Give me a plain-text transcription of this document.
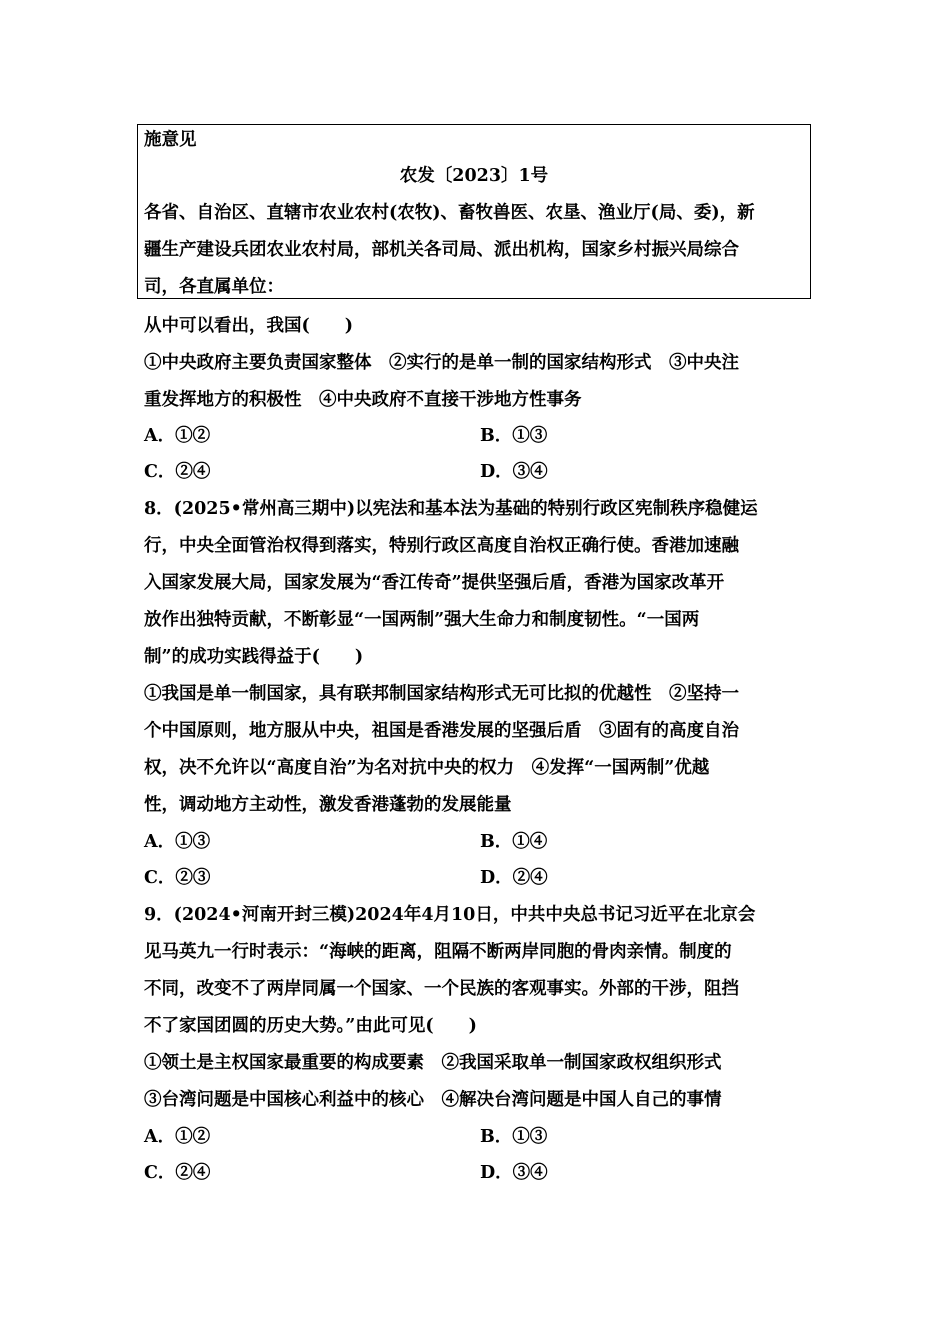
施意见
农发〔2023〕1号
各省、自治区、直辖市农业农村(农牧)、畜牧兽医、农垦、渔业厅(局、委)，新
疆生产建设兵团农业农村局，部机关各司局、派出机构，国家乡村振兴局综合
司，各直属单位：
从中可以看出，我国(　　)
①中央政府主要负责国家整体　②实行的是单一制的国家结构形式　③中央注
重发挥地方的积极性　④中央政府不直接干涉地方性事务
A．①②	B．①③
C．②④	D．③④
8．(2025•常州高三期中)以宪法和基本法为基础的特别行政区宪制秩序稳健运
行，中央全面管治权得到落实，特别行政区高度自治权正确行使。香港加速融
入国家发展大局，国家发展为“香江传奇”提供坚强后盾，香港为国家改革开
放作出独特贡献，不断彰显“一国两制”强大生命力和制度韧性。“一国两
制”的成功实践得益于(　　)
①我国是单一制国家，具有联邦制国家结构形式无可比拟的优越性　②坚持一
个中国原则，地方服从中央，祖国是香港发展的坚强后盾　③固有的高度自治
权，决不允许以“高度自治”为名对抗中央的权力　④发挥“一国两制”优越
性，调动地方主动性，激发香港蓬勃的发展能量
A．①③	B．①④
C．②③	D．②④
9．(2024•河南开封三模)2024年4月10日，中共中央总书记习近平在北京会
见马英九一行时表示：“海峡的距离，阻隔不断两岸同胞的骨肉亲情。制度的
不同，改变不了两岸同属一个国家、一个民族的客观事实。外部的干涉，阻挡
不了家国团圆的历史大势。”由此可见(　　)
①领土是主权国家最重要的构成要素　②我国采取单一制国家政权组织形式
③台湾问题是中国核心利益中的核心　④解决台湾问题是中国人自己的事情
A．①②	B．①③
C．②④	D．③④
